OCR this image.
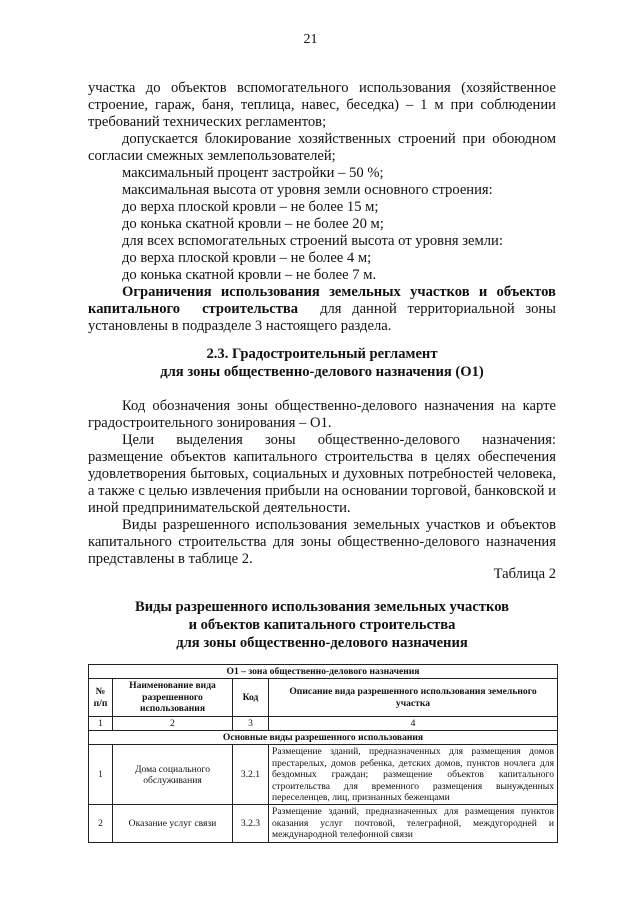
21
участка до объектов вспомогательного использования (хозяйственное
строение, гараж, баня, теплица, навес, беседка) – 1 м при соблюдении
требований технических регламентов;
допускается блокирование хозяйственных строений при обоюдном
согласии смежных землепользователей;
максимальный процент застройки – 50 %;
максимальная высота от уровня земли основного строения:
до верха плоской кровли – не более 15 м;
до конька скатной кровли – не более 20 м;
для всех вспомогательных строений высота от уровня земли:
до верха плоской кровли – не более 4 м;
до конька скатной кровли – не более 7 м.
Ограничения использования земельных участков и объектов
капитального строительства для данной территориальной зоны
установлены в подразделе 3 настоящего раздела.
2.3. Градостроительный регламент
для зоны общественно-делового назначения (О1)
Код обозначения зоны общественно-делового назначения на карте
градостроительного зонирования – О1.
Цели выделения зоны общественно-делового назначения:
размещение объектов капитального строительства в целях обеспечения
удовлетворения бытовых, социальных и духовных потребностей человека,
а также с целью извлечения прибыли на основании торговой, банковской и
иной предпринимательской деятельности.
Виды разрешенного использования земельных участков и объектов
капитального строительства для зоны общественно-делового назначения
представлены в таблице 2.
Таблица 2
Виды разрешенного использования земельных участков
и объектов капитального строительства
для зоны общественно-делового назначения
О1 – зона общественно-делового назначения			
№ п/п	Наименование вида разрешенного использования	Код	Описание вида разрешенного использования земельного участка
1	2	3	4
Основные виды разрешенного использования			
1	Дома социального обслуживания	3.2.1	Размещение зданий, предназначенных для размещения домов престарелых, домов ребенка, детских домов, пунктов ночлега для бездомных граждан; размещение объектов капитального строительства для временного размещения вынужденных переселенцев, лиц, признанных беженцами
2	Оказание услуг связи	3.2.3	Размещение зданий, предназначенных для размещения пунктов оказания услуг почтовой, телеграфной, междугородней и международной телефонной связи
